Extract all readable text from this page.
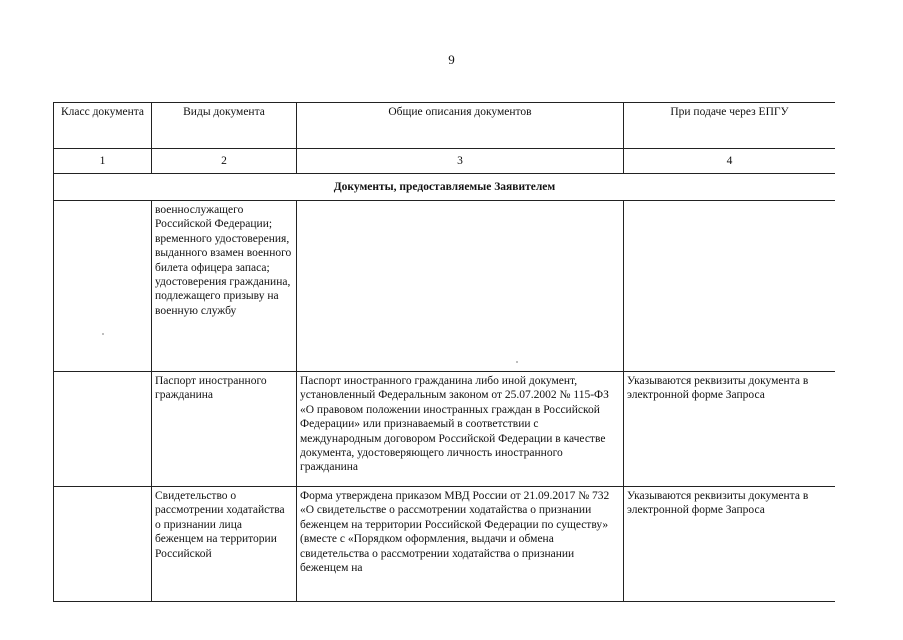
9
Класс документа	Виды документа	Общие описания документов	При подаче через ЕПГУ
1	2	3	4
Документы, предоставляемые Заявителем			
	военнослужащего Российской Федерации; временного удостоверения, выданного взамен военного билета офицера запаса; удостоверения гражданина, подлежащего призыву на военную службу		
	Паспорт иностранного гражданина	Паспорт иностранного гражданина либо иной документ, установленный Федеральным законом от 25.07.2002 № 115-ФЗ «О правовом положении иностранных граждан в Российской Федерации» или признаваемый в соответствии с международным договором Российской Федерации в качестве документа, удостоверяющего личность иностранного гражданина	Указываются реквизиты документа в электронной форме Запроса
	Свидетельство о рассмотрении ходатайства о признании лица беженцем на территории Российской	Форма утверждена приказом МВД России от 21.09.2017 № 732 «О свидетельстве о рассмотрении ходатайства о признании беженцем на территории Российской Федерации по существу» (вместе с «Порядком оформления, выдачи и обмена свидетельства о рассмотрении ходатайства о признании беженцем на	Указываются реквизиты документа в электронной форме Запроса
